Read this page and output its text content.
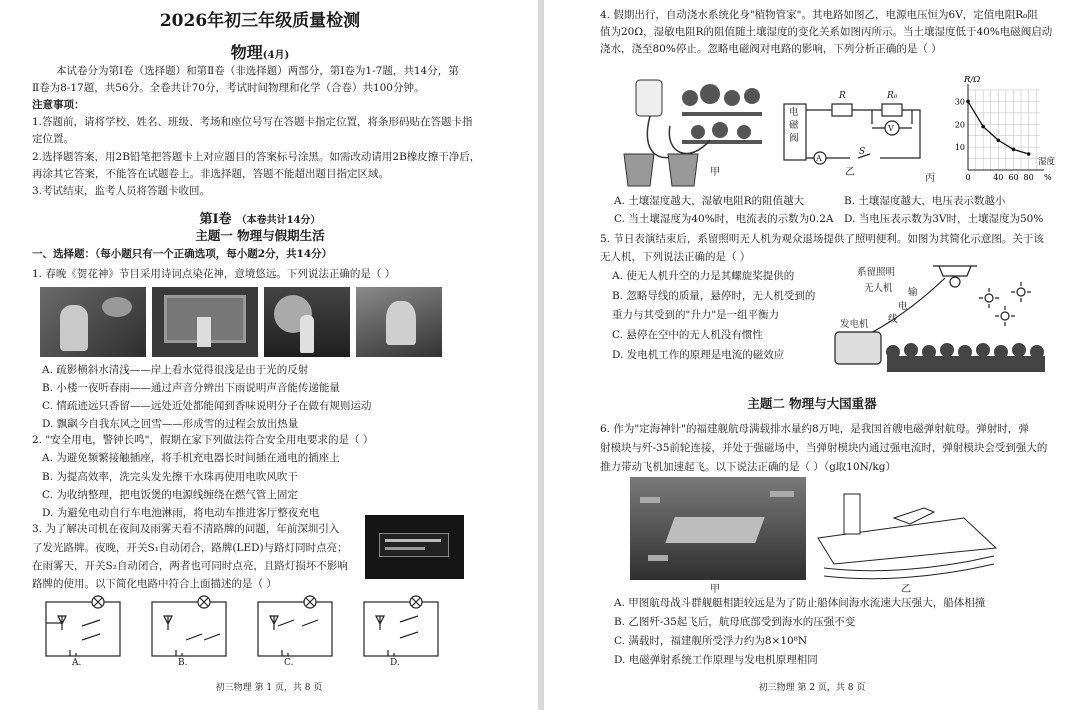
2026年初三年级质量检测
物理(4月)
本试卷分为第Ⅰ卷（选择题）和第Ⅱ卷（非选择题）两部分，第Ⅰ卷为1-7题，共14分，第
Ⅱ卷为8-17题，共56分。全卷共计70分，考试时间物理和化学（合卷）共100分钟。
注意事项：
1.答题前，请将学校、姓名、班级、考场和座位号写在答题卡指定位置，将条形码贴在答题卡指
定位置。
2.选择题答案，用2B铅笔把答题卡上对应题目的答案标号涂黑。如需改动请用2B橡皮擦干净后，
再涂其它答案，不能答在试题卷上。非选择题，答题不能超出题目指定区域。
3.考试结束，监考人员将答题卡收回。
第Ⅰ卷 （本卷共计14分）
主题一 物理与假期生活
一、选择题：（每小题只有一个正确选项，每小题2分，共14分）
1. 春晚《贺花神》节目采用诗词点染花神，意境悠远。下列说法正确的是（ ）
A. 疏影横斜水清浅——岸上看水觉得很浅是由于光的反射
B. 小楼一夜听春雨——通过声音分辨出下雨说明声音能传递能量
C. 情疏迹远只香留——远处近处都能闻到香味说明分子在做有规则运动
D. 飘飖今自我东风之回雪——形成雪的过程会放出热量
2. "安全用电，警钟长鸣"，假期在家下列做法符合安全用电要求的是（ ）
A. 为避免频繁接触插座，将手机充电器长时间插在通电的插座上
B. 为提高效率，洗完头发先擦干水珠再使用电吹风吹干
C. 为收纳整理，把电饭煲的电源线缠绕在燃气管上固定
D. 为避免电动自行车电池淋雨，将电动车推进客厅整夜充电
3. 为了解决司机在夜间及雨雾天看不清路牌的问题，年前深圳引入
了发光路牌。夜晚，开关S₁自动闭合，路牌(LED)与路灯同时点亮；
在雨雾天，开关S₂自动闭合，两者也可同时点亮，且路灯损坏不影响
路牌的使用。以下简化电路中符合上面描述的是（ ）
A.	B.	C.	D.
初三物理 第 1 页，共 8 页
4. 假期出行，自动浇水系统化身"植物管家"。其电路如图乙，电源电压恒为6V，定值电阻R₀阻
值为20Ω，湿敏电阻R的阻值随土壤湿度的变化关系如图丙所示。当土壤湿度低于40%电磁阀启动
浇水，浇至80%停止。忽略电磁阀对电路的影响，下列分析正确的是（ ）
甲
电
磁
阀
R	R₀
V
A
S
乙
丙
10
20
30
0	40 60 80 %
R/Ω
湿度
A. 土壤湿度越大，湿敏电阻R的阻值越大	B. 土壤湿度越大，电压表示数越小
C. 当土壤湿度为40%时，电流表的示数为0.2A D. 当电压表示数为3V时，土壤湿度为50%
5. 节日表演结束后，系留照明无人机为观众退场提供了照明便利。如图为其简化示意图。关于该
无人机，下列说法正确的是（ ）
A. 使无人机升空的力是其螺旋桨提供的
B. 忽略导线的质量，悬停时，无人机受到的
重力与其受到的"升力"是一组平衡力
C. 悬停在空中的无人机没有惯性
D. 发电机工作的原理是电流的磁效应
系留照明
无人机 输
电
线
发电机
主题二 物理与大国重器
6. 作为"定海神针"的福建舰航母满载排水量约8万吨，是我国首艘电磁弹射航母。弹射时，弹
射模块与歼-35前轮连接，并处于强磁场中，当弹射模块内通过强电流时，弹射模块会受到强大的
推力带动飞机加速起飞。以下说法正确的是（ ）（g取10N/kg）
甲	乙
A. 甲图航母战斗群舰艇相距较远是为了防止船体间海水流速大压强大，船体相撞
B. 乙图歼-35起飞后，航母底部受到海水的压强不变
C. 满载时，福建舰所受浮力约为8×10⁸N
D. 电磁弹射系统工作原理与发电机原理相同
初三物理 第 2 页，共 8 页
